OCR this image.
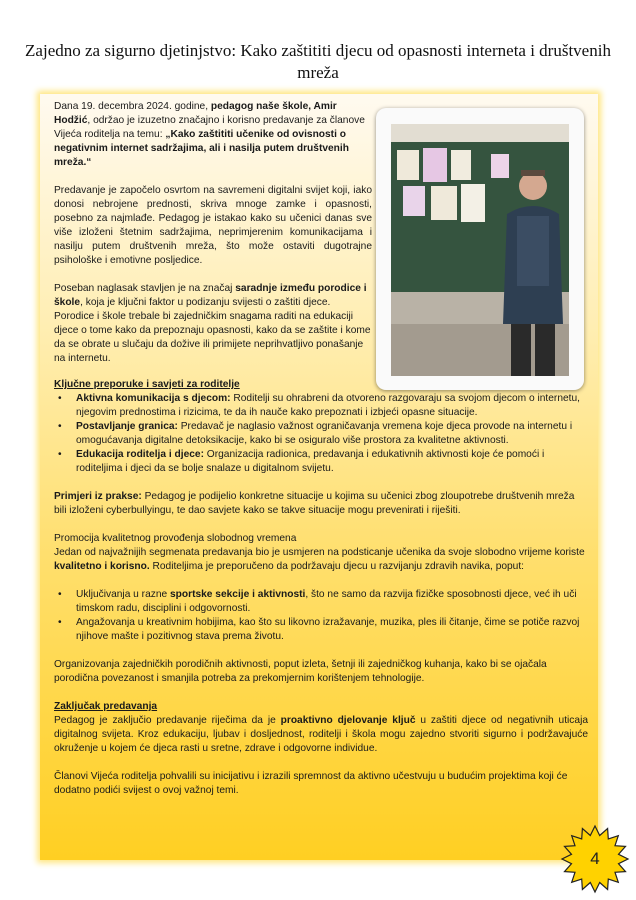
Zajedno za sigurno djetinjstvo: Kako zaštititi djecu od opasnosti interneta i društvenih mreža

Dana 19. decembra 2024. godine, pedagog naše škole, Amir Hodžić, održao je izuzetno značajno i korisno predavanje za članove Vijeća roditelja na temu: „Kako zaštititi učenike od ovisnosti o negativnim internet sadržajima, ali i nasilja putem društvenih mreža.“

Predavanje je započelo osvrtom na savremeni digitalni svijet koji, iako donosi nebrojene prednosti, skriva mnoge zamke i opasnosti, posebno za najmlađe. Pedagog je istakao kako su učenici danas sve više izloženi štetnim sadržajima, neprimjerenim komunikacijama i nasilju putem društvenih mreža, što može ostaviti dugotrajne psihološke i emotivne posljedice.

Poseban naglasak stavljen je na značaj saradnje između porodice i škole, koja je ključni faktor u podizanju svijesti o zaštiti djece. Porodice i škole trebale bi zajedničkim snagama raditi na edukaciji djece o tome kako da prepoznaju opasnosti, kako da se zaštite i kome da se obrate u slučaju da dožive ili primijete neprihvatljivo ponašanje na internetu.

Ključne preporuke i savjeti za roditelje
• Aktivna komunikacija s djecom: Roditelji su ohrabreni da otvoreno razgovaraju sa svojom djecom o internetu, njegovim prednostima i rizicima, te da ih nauče kako prepoznati i izbjeći opasne situacije.
• Postavljanje granica: Predavač je naglasio važnost ograničavanja vremena koje djeca provode na internetu i omogućavanja digitalne detoksikacije, kako bi se osiguralo više prostora za kvalitetne aktivnosti.
• Edukacija roditelja i djece: Organizacija radionica, predavanja i edukativnih aktivnosti koje će pomoći i roditeljima i djeci da se bolje snalaze u digitalnom svijetu.

Primjeri iz prakse: Pedagog je podijelio konkretne situacije u kojima su učenici zbog zloupotrebe društvenih mreža bili izloženi cyberbullyingu, te dao savjete kako se takve situacije mogu prevenirati i riješiti.

Promocija kvalitetnog provođenja slobodnog vremena
Jedan od najvažnijih segmenata predavanja bio je usmjeren na podsticanje učenika da svoje slobodno vrijeme koriste kvalitetno i korisno. Roditeljima je preporučeno da podržavaju djecu u razvijanju zdravih navika, poput:

• Uključivanja u razne sportske sekcije i aktivnosti, što ne samo da razvija fizičke sposobnosti djece, već ih uči timskom radu, disciplini i odgovornosti.
• Angažovanja u kreativnim hobijima, kao što su likovno izražavanje, muzika, ples ili čitanje, čime se potiče razvoj njihove mašte i pozitivnog stava prema životu.

Organizovanja zajedničkih porodičnih aktivnosti, poput izleta, šetnji ili zajedničkog kuhanja, kako bi se ojačala porodična povezanost i smanjila potreba za prekomjernim korištenjem tehnologije.

Zaključak predavanja

Pedagog je zaključio predavanje riječima da je proaktivno djelovanje ključ u zaštiti djece od negativnih uticaja digitalnog svijeta. Kroz edukaciju, ljubav i dosljednost, roditelji i škola mogu zajedno stvoriti sigurno i podržavajuće okruženje u kojem će djeca rasti u sretne, zdrave i odgovorne individue.

Članovi Vijeća roditelja pohvalili su inicijativu i izrazili spremnost da aktivno učestvuju u budućim projektima koji će dodatno podići svijest o ovoj važnoj temi.

4
